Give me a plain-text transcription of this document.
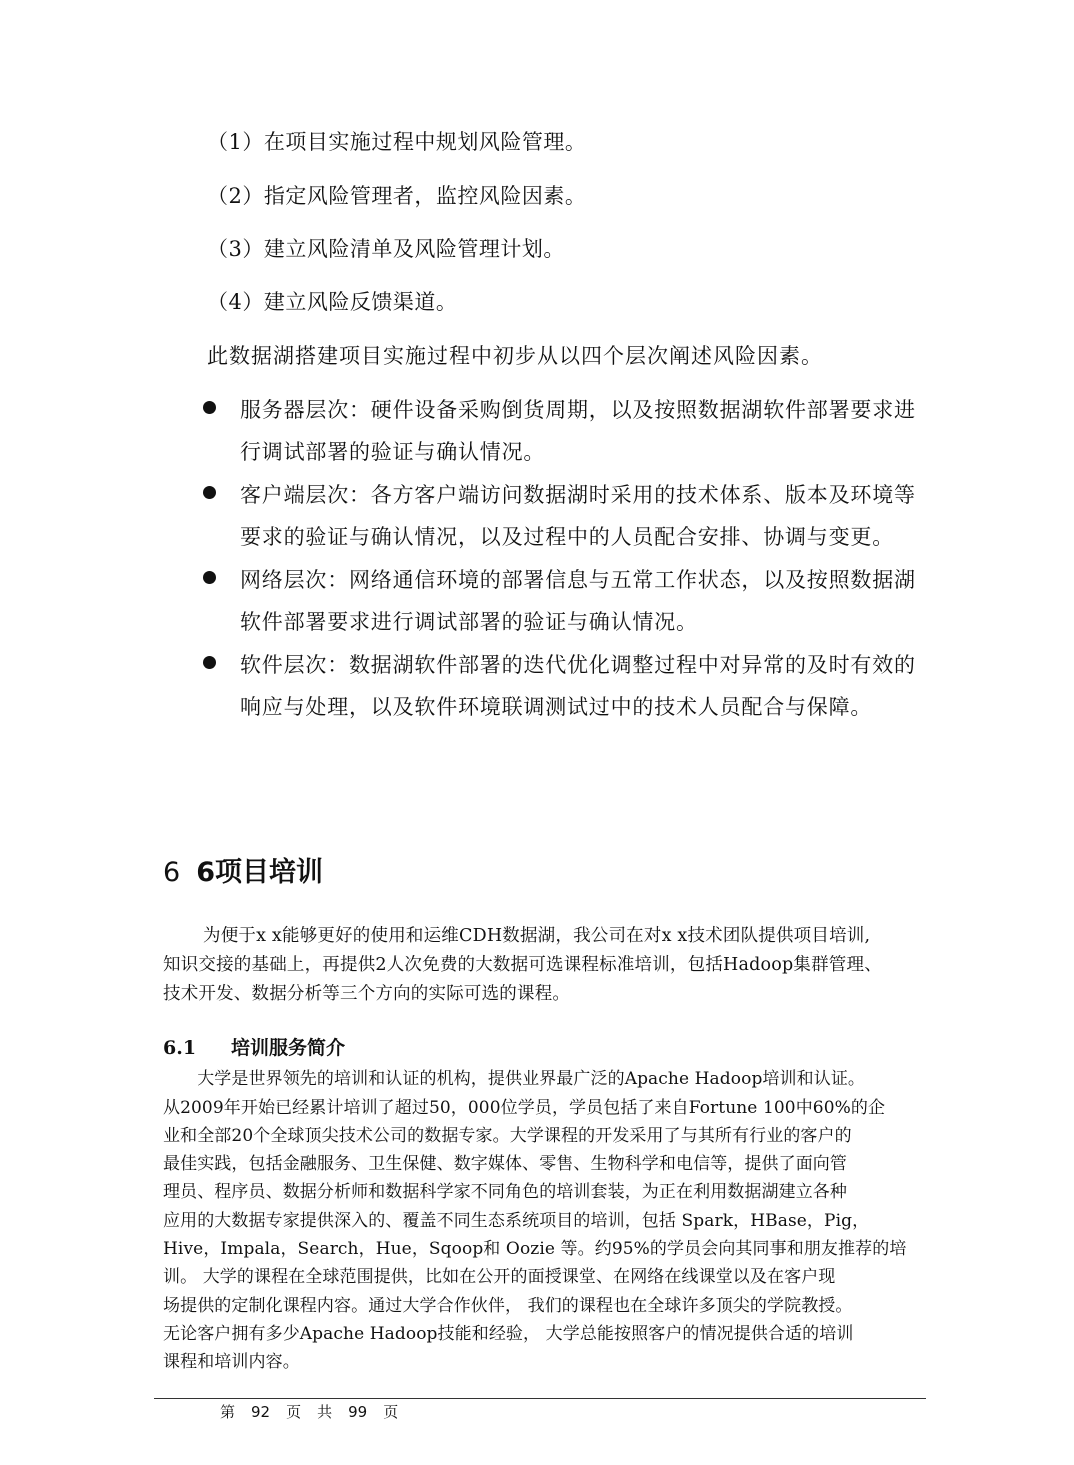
（1）在项目实施过程中规划风险管理。
（2）指定风险管理者，监控风险因素。
（3）建立风险清单及风险管理计划。
（4）建立风险反馈渠道。
此数据湖搭建项目实施过程中初步从以四个层次阐述风险因素。
服务器层次：硬件设备采购倒货周期，以及按照数据湖软件部署要求进
行调试部署的验证与确认情况。
客户端层次：各方客户端访问数据湖时采用的技术体系、版本及环境等
要求的验证与确认情况，以及过程中的人员配合安排、协调与变更。
网络层次：网络通信环境的部署信息与五常工作状态，以及按照数据湖
软件部署要求进行调试部署的验证与确认情况。
软件层次：数据湖软件部署的迭代优化调整过程中对异常的及时有效的
响应与处理，以及软件环境联调测试过中的技术人员配合与保障。
6 6项目培训
为便于x x能够更好的使用和运维CDH数据湖，我公司在对x x技术团队提供项目培训,
知识交接的基础上，再提供2人次免费的大数据可选课程标准培训，包括Hadoop集群管理、
技术开发、数据分析等三个方向的实际可选的课程。
6.1 培训服务简介
　　大学是世界领先的培训和认证的机构，提供业界最广泛的Apache Hadoop培训和认证。
从2009年开始已经累计培训了超过50，000位学员，学员包括了来自Fortune 100中60%的企
业和全部20个全球顶尖技术公司的数据专家。大学课程的开发采用了与其所有行业的客户的
最佳实践，包括金融服务、卫生保健、数字媒体、零售、生物科学和电信等，提供了面向管
理员、程序员、数据分析师和数据科学家不同角色的培训套装，为正在利用数据湖建立各种
应用的大数据专家提供深入的、覆盖不同生态系统项目的培训，包括 Spark，HBase，Pig，
Hive，Impala，Search，Hue，Sqoop和 Oozie 等。约95%的学员会向其同事和朋友推荐的培
训。 大学的课程在全球范围提供，比如在公开的面授课堂、在网络在线课堂以及在客户现
场提供的定制化课程内容。通过大学合作伙伴， 我们的课程也在全球许多顶尖的学院教授。
无论客户拥有多少Apache Hadoop技能和经验， 大学总能按照客户的情况提供合适的培训
课程和培训内容。
第 92 页 共 99 页
